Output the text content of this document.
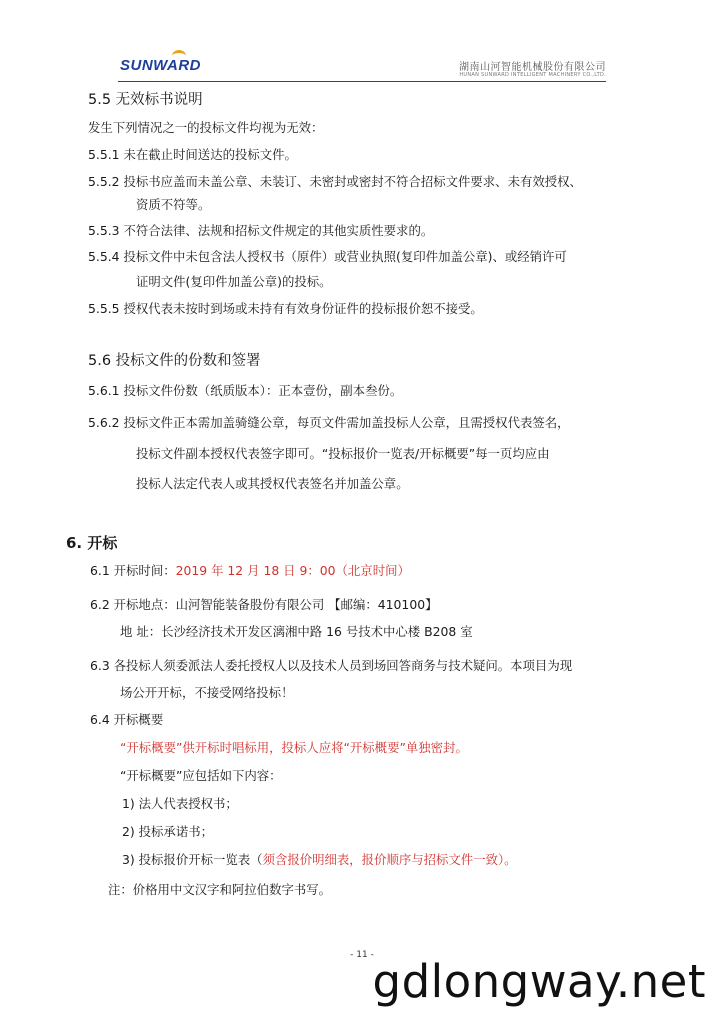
SUNWARD	湖南山河智能机械股份有限公司
HUNAN SUNWARD INTELLIGENT MACHINERY CO.,LTD.
5.5 无效标书说明
发生下列情况之一的投标文件均视为无效：
5.5.1 未在截止时间送达的投标文件。
5.5.2 投标书应盖而未盖公章、未装订、未密封或密封不符合招标文件要求、未有效授权、
资质不符等。
5.5.3 不符合法律、法规和招标文件规定的其他实质性要求的。
5.5.4 投标文件中未包含法人授权书（原件）或营业执照(复印件加盖公章)、或经销许可
证明文件(复印件加盖公章)的投标。
5.5.5 授权代表未按时到场或未持有有效身份证件的投标报价恕不接受。
5.6 投标文件的份数和签署
5.6.1 投标文件份数（纸质版本）：正本壹份，副本叁份。
5.6.2 投标文件正本需加盖骑缝公章，每页文件需加盖投标人公章，且需授权代表签名，
投标文件副本授权代表签字即可。“投标报价一览表/开标概要”每一页均应由
投标人法定代表人或其授权代表签名并加盖公章。
6. 开标
6.1 开标时间：2019 年 12 月 18 日 9：00（北京时间）
6.2 开标地点：山河智能装备股份有限公司 【邮编：410100】
地 址：长沙经济技术开发区漓湘中路 16 号技术中心楼 B208 室
6.3 各投标人须委派法人委托授权人以及技术人员到场回答商务与技术疑问。本项目为现
场公开开标，不接受网络投标！
6.4 开标概要
“开标概要”供开标时唱标用，投标人应将“开标概要”单独密封。
“开标概要”应包括如下内容：
1) 法人代表授权书；
2) 投标承诺书；
3) 投标报价开标一览表（须含报价明细表，报价顺序与招标文件一致）。
注：价格用中文汉字和阿拉伯数字书写。
- 11 -
gdlongway.net
